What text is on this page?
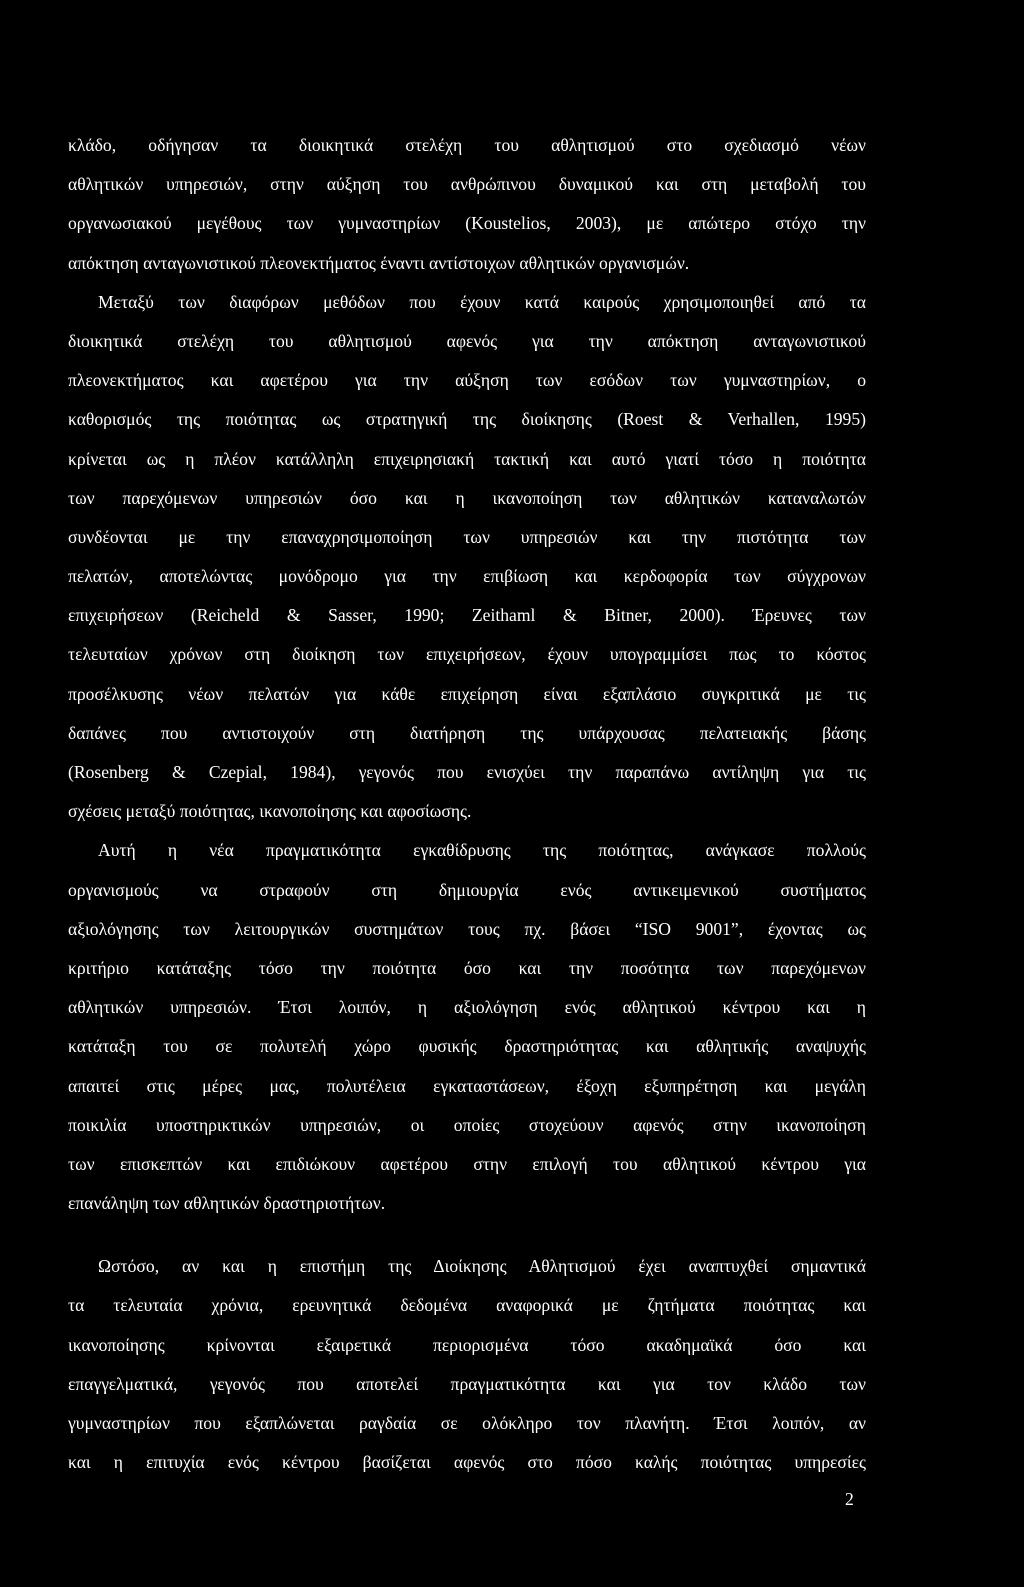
κλάδο, οδήγησαν τα διοικητικά στελέχη του αθλητισμού στο σχεδιασμό νέων
αθλητικών υπηρεσιών, στην αύξηση του ανθρώπινου δυναμικού και στη μεταβολή του
οργανωσιακού μεγέθους των γυμναστηρίων (Koustelios, 2003), με απώτερο στόχο την
απόκτηση ανταγωνιστικού πλεονεκτήματος έναντι αντίστοιχων αθλητικών οργανισμών.
Μεταξύ των διαφόρων μεθόδων που έχουν κατά καιρούς χρησιμοποιηθεί από τα
διοικητικά στελέχη του αθλητισμού αφενός για την απόκτηση ανταγωνιστικού
πλεονεκτήματος και αφετέρου για την αύξηση των εσόδων των γυμναστηρίων, ο
καθορισμός της ποιότητας ως στρατηγική της διοίκησης (Roest & Verhallen, 1995)
κρίνεται ως η πλέον κατάλληλη επιχειρησιακή τακτική και αυτό γιατί τόσο η ποιότητα
των παρεχόμενων υπηρεσιών όσο και η ικανοποίηση των αθλητικών καταναλωτών
συνδέονται με την επαναχρησιμοποίηση των υπηρεσιών και την πιστότητα των
πελατών, αποτελώντας μονόδρομο για την επιβίωση και κερδοφορία των σύγχρονων
επιχειρήσεων (Reicheld & Sasser, 1990; Zeithaml & Bitner, 2000). Έρευνες των
τελευταίων χρόνων στη διοίκηση των επιχειρήσεων, έχουν υπογραμμίσει πως το κόστος
προσέλκυσης νέων πελατών για κάθε επιχείρηση είναι εξαπλάσιο συγκριτικά με τις
δαπάνες που αντιστοιχούν στη διατήρηση της υπάρχουσας πελατειακής βάσης
(Rosenberg & Czepial, 1984), γεγονός που ενισχύει την παραπάνω αντίληψη για τις
σχέσεις μεταξύ ποιότητας, ικανοποίησης και αφοσίωσης.
Αυτή η νέα πραγματικότητα εγκαθίδρυσης της ποιότητας, ανάγκασε πολλούς
οργανισμούς να στραφούν στη δημιουργία ενός αντικειμενικού συστήματος
αξιολόγησης των λειτουργικών συστημάτων τους πχ. βάσει “ISO 9001”, έχοντας ως
κριτήριο κατάταξης τόσο την ποιότητα όσο και την ποσότητα των παρεχόμενων
αθλητικών υπηρεσιών. Έτσι λοιπόν, η αξιολόγηση ενός αθλητικού κέντρου και η
κατάταξη του σε πολυτελή χώρο φυσικής δραστηριότητας και αθλητικής αναψυχής
απαιτεί στις μέρες μας, πολυτέλεια εγκαταστάσεων, έξοχη εξυπηρέτηση και μεγάλη
ποικιλία υποστηρικτικών υπηρεσιών, οι οποίες στοχεύουν αφενός στην ικανοποίηση
των επισκεπτών και επιδιώκουν αφετέρου στην επιλογή του αθλητικού κέντρου για
επανάληψη των αθλητικών δραστηριοτήτων.
Ωστόσο, αν και η επιστήμη της Διοίκησης Αθλητισμού έχει αναπτυχθεί σημαντικά
τα τελευταία χρόνια, ερευνητικά δεδομένα αναφορικά με ζητήματα ποιότητας και
ικανοποίησης κρίνονται εξαιρετικά περιορισμένα τόσο ακαδημαϊκά όσο και
επαγγελματικά, γεγονός που αποτελεί πραγματικότητα και για τον κλάδο των
γυμναστηρίων που εξαπλώνεται ραγδαία σε ολόκληρο τον πλανήτη. Έτσι λοιπόν, αν
και η επιτυχία ενός κέντρου βασίζεται αφενός στο πόσο καλής ποιότητας υπηρεσίες
2
